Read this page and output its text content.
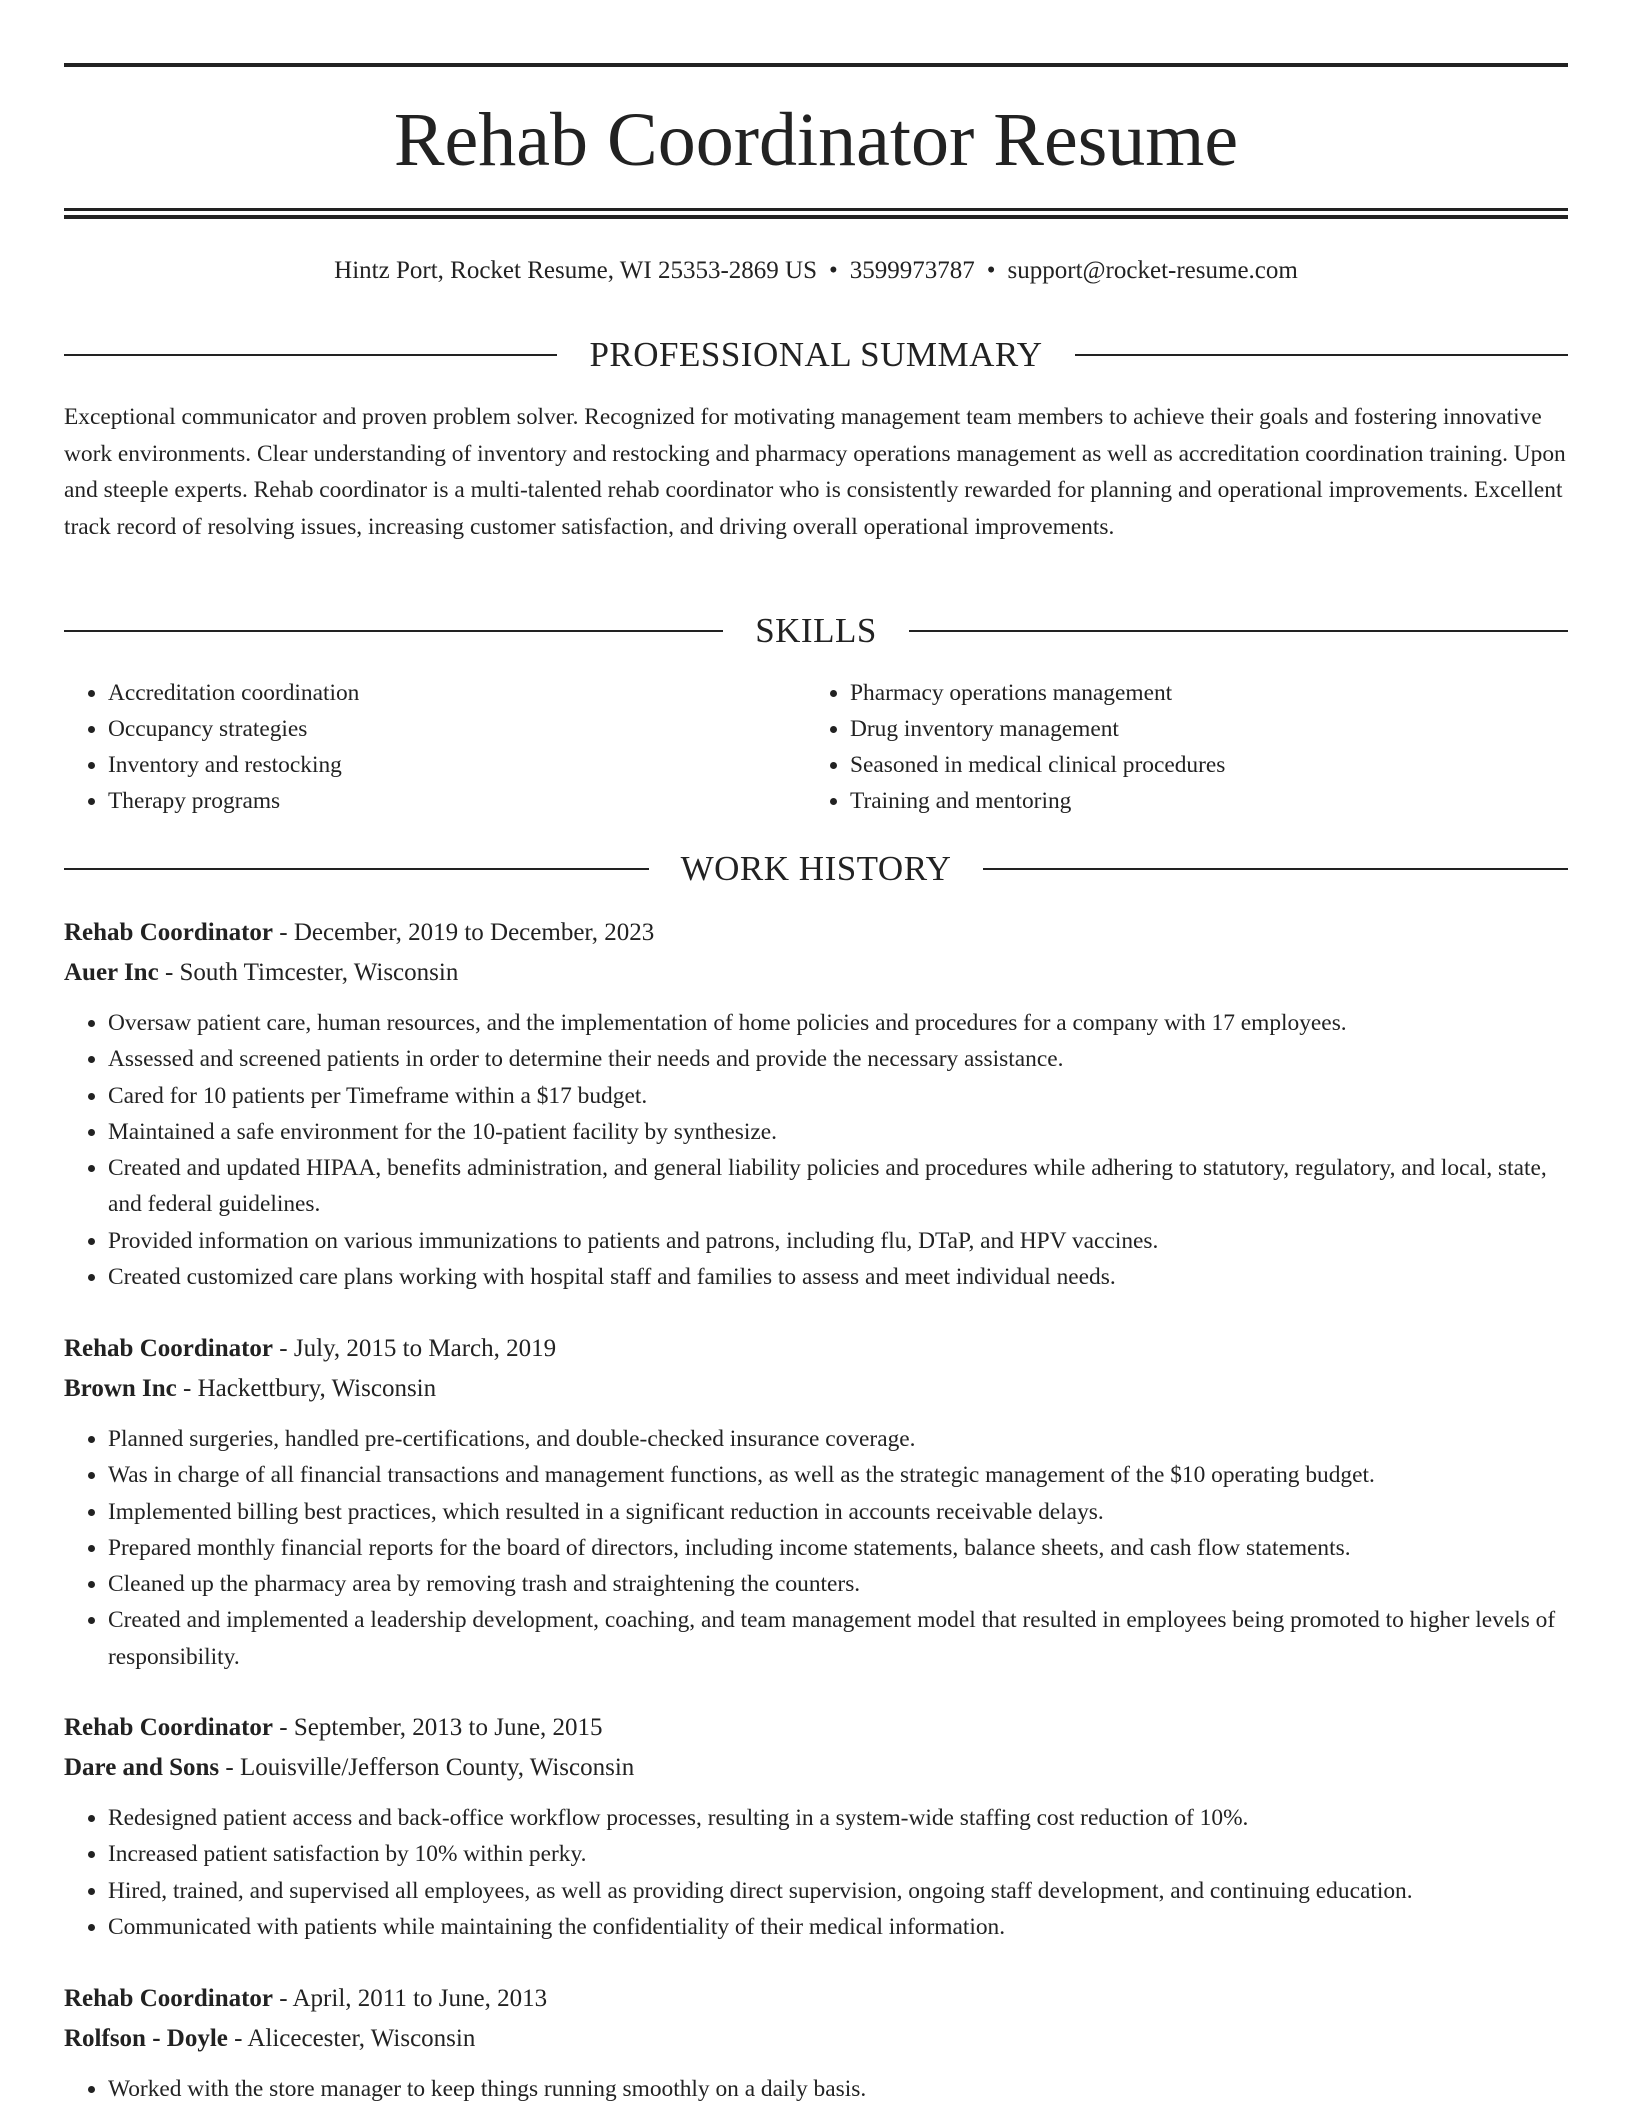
Rehab Coordinator Resume
Hintz Port, Rocket Resume, WI 25353-2869 US • 3599973787 • support@rocket-resume.com
PROFESSIONAL SUMMARY

Exceptional communicator and proven problem solver. Recognized for motivating management team members to achieve their goals and fostering innovative work environments. Clear understanding of inventory and restocking and pharmacy operations management as well as accreditation coordination training. Upon and steeple experts. Rehab coordinator is a multi-talented rehab coordinator who is consistently rewarded for planning and operational improvements. Excellent track record of resolving issues, increasing customer satisfaction, and driving overall operational improvements.

SKILLS
• Accreditation coordination
• Occupancy strategies
• Inventory and restocking
• Therapy programs
• Pharmacy operations management
• Drug inventory management
• Seasoned in medical clinical procedures
• Training and mentoring
WORK HISTORY
Rehab Coordinator - December, 2019 to December, 2023
Auer Inc - South Timcester, Wisconsin
• Oversaw patient care, human resources, and the implementation of home policies and procedures for a company with 17 employees.
• Assessed and screened patients in order to determine their needs and provide the necessary assistance.
• Cared for 10 patients per Timeframe within a $17 budget.
• Maintained a safe environment for the 10-patient facility by synthesize.
• Created and updated HIPAA, benefits administration, and general liability policies and procedures while adhering to statutory, regulatory, and local, state, and federal guidelines.
• Provided information on various immunizations to patients and patrons, including flu, DTaP, and HPV vaccines.
• Created customized care plans working with hospital staff and families to assess and meet individual needs.
Rehab Coordinator - July, 2015 to March, 2019
Brown Inc - Hackettbury, Wisconsin
• Planned surgeries, handled pre-certifications, and double-checked insurance coverage.
• Was in charge of all financial transactions and management functions, as well as the strategic management of the $10 operating budget.
• Implemented billing best practices, which resulted in a significant reduction in accounts receivable delays.
• Prepared monthly financial reports for the board of directors, including income statements, balance sheets, and cash flow statements.
• Cleaned up the pharmacy area by removing trash and straightening the counters.
• Created and implemented a leadership development, coaching, and team management model that resulted in employees being promoted to higher levels of responsibility.
Rehab Coordinator - September, 2013 to June, 2015
Dare and Sons - Louisville/Jefferson County, Wisconsin
• Redesigned patient access and back-office workflow processes, resulting in a system-wide staffing cost reduction of 10%.
• Increased patient satisfaction by 10% within perky.
• Hired, trained, and supervised all employees, as well as providing direct supervision, ongoing staff development, and continuing education.
• Communicated with patients while maintaining the confidentiality of their medical information.
Rehab Coordinator - April, 2011 to June, 2013
Rolfson - Doyle - Alicecester, Wisconsin
• Worked with the store manager to keep things running smoothly on a daily basis.
